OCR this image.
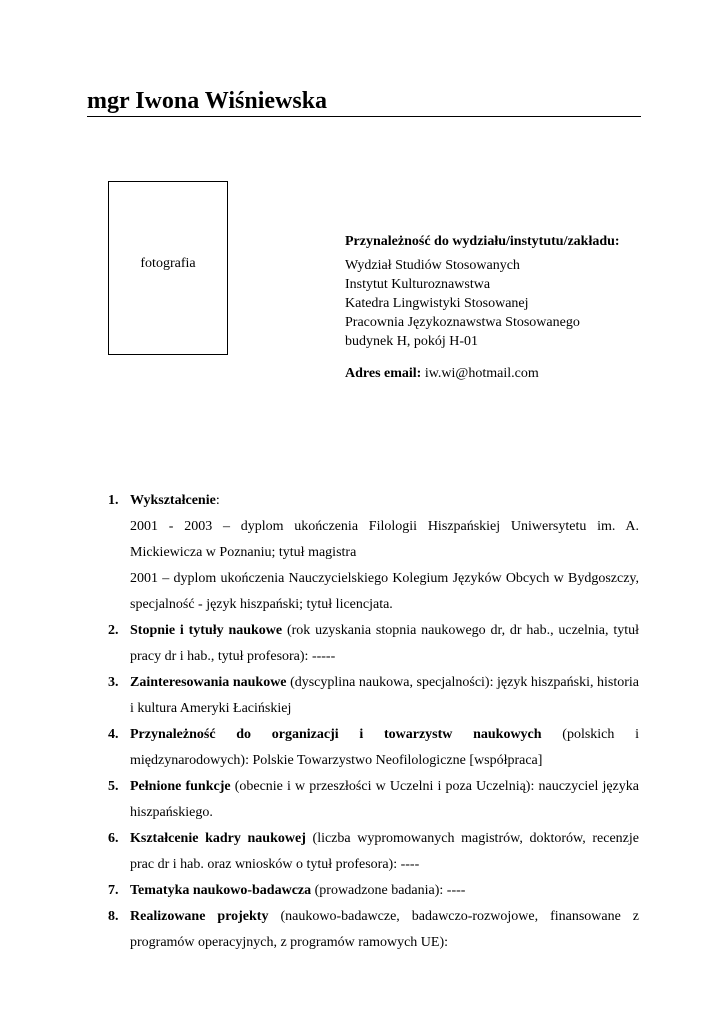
mgr Iwona Wiśniewska
fotografia
Przynależność do wydziału/instytutu/zakładu:
Wydział Studiów Stosowanych
Instytut Kulturoznawstwa
Katedra Lingwistyki Stosowanej
Pracownia Językoznawstwa Stosowanego
budynek H, pokój H-01
Adres email: iw.wi@hotmail.com
1. Wykształcenie:
2001 - 2003 – dyplom ukończenia Filologii Hiszpańskiej Uniwersytetu im. A. Mickiewicza w Poznaniu; tytuł magistra
2001 – dyplom ukończenia Nauczycielskiego Kolegium Języków Obcych w Bydgoszczy, specjalność - język hiszpański; tytuł licencjata.
2. Stopnie i tytuły naukowe (rok uzyskania stopnia naukowego dr, dr hab., uczelnia, tytuł pracy dr i hab., tytuł profesora): -----
3. Zainteresowania naukowe (dyscyplina naukowa, specjalności): język hiszpański, historia i kultura Ameryki Łacińskiej
4. Przynależność do organizacji i towarzystw naukowych (polskich i międzynarodowych): Polskie Towarzystwo Neofilologiczne [współpraca]
5. Pełnione funkcje (obecnie i w przeszłości w Uczelni i poza Uczelnią): nauczyciel języka hiszpańskiego.
6. Kształcenie kadry naukowej (liczba wypromowanych magistrów, doktorów, recenzje prac dr i hab. oraz wniosków o tytuł profesora): ----
7. Tematyka naukowo-badawcza (prowadzone badania): ----
8. Realizowane projekty (naukowo-badawcze, badawczo-rozwojowe, finansowane z programów operacyjnych, z programów ramowych UE):
